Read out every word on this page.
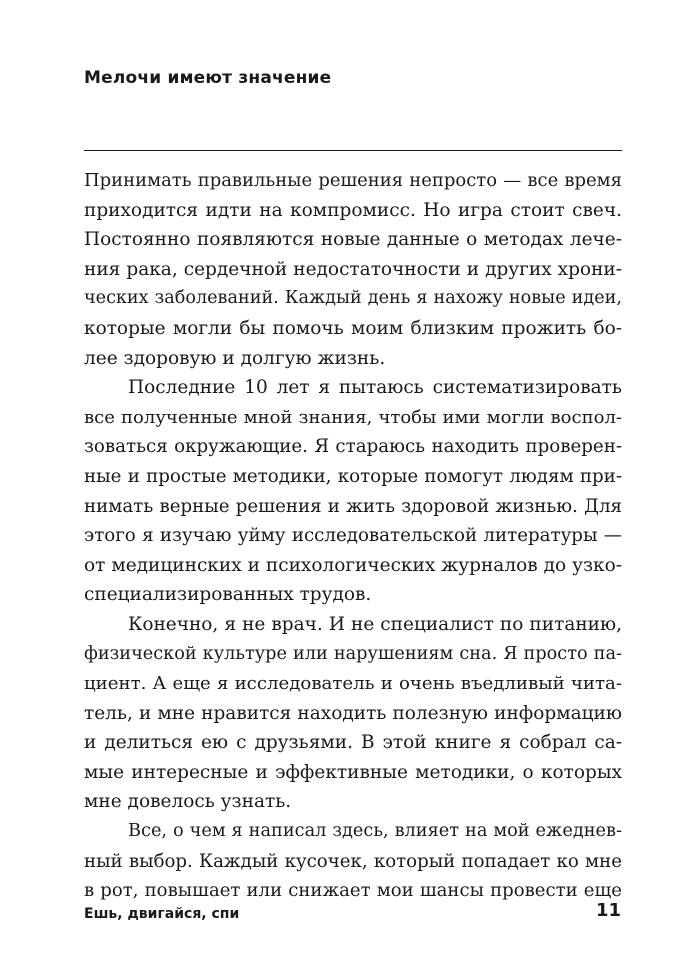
Мелочи имеют значение
Принимать правильные решения непросто — все время
приходится идти на компромисс. Но игра стоит свеч.
Постоянно появляются новые данные о методах лече-
ния рака, сердечной недостаточности и других хрони-
ческих заболеваний. Каждый день я нахожу новые идеи,
которые могли бы помочь моим близким прожить бо-
лее здоровую и долгую жизнь.
Последние 10 лет я пытаюсь систематизировать
все полученные мной знания, чтобы ими могли воспол-
зоваться окружающие. Я стараюсь находить проверен-
ные и простые методики, которые помогут людям при-
нимать верные решения и жить здоровой жизнью. Для
этого я изучаю уйму исследовательской литературы —
от медицинских и психологических журналов до узко-
специализированных трудов.
Конечно, я не врач. И не специалист по питанию,
физической культуре или нарушениям сна. Я просто па-
циент. А еще я исследователь и очень въедливый чита-
тель, и мне нравится находить полезную информацию
и делиться ею с друзьями. В этой книге я собрал са-
мые интересные и эффективные методики, о которых
мне довелось узнать.
Все, о чем я написал здесь, влияет на мой ежеднев-
ный выбор. Каждый кусочек, который попадает ко мне
в рот, повышает или снижает мои шансы провести еще
Ешь, двигайся, спи	11
